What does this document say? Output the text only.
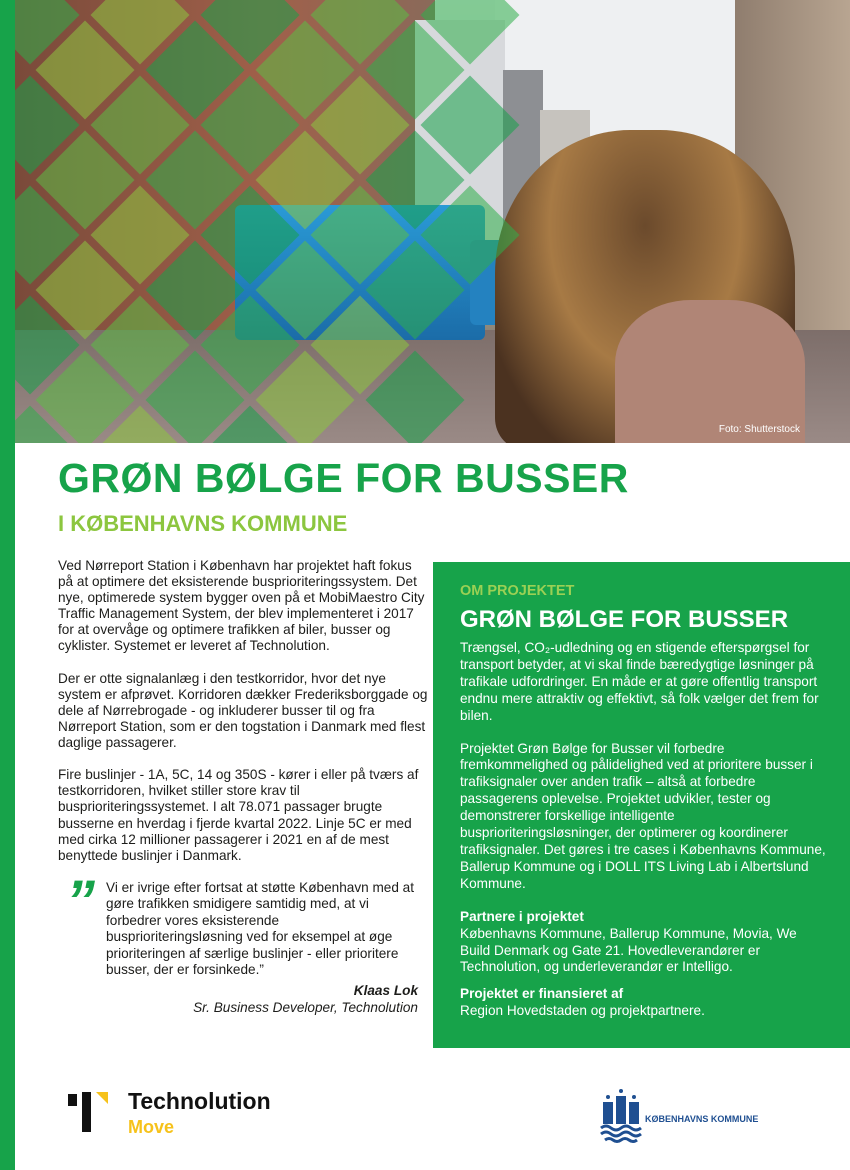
Foto: Shutterstock
GRØN BØLGE FOR BUSSER
I KØBENHAVNS KOMMUNE

Ved Nørreport Station i København har projektet haft fokus på at optimere det eksisterende busprioriteringssystem. Det nye, optimerede system bygger oven på et MobiMaestro City Traffic Management System, der blev implementeret i 2017 for at overvåge og optimere trafikken af biler, busser og cyklister. Systemet er leveret af Technolution.

Der er otte signalanlæg i den testkorridor, hvor det nye system er afprøvet. Korridoren dækker Frederiksborggade og dele af Nørrebrogade - og inkluderer busser til og fra Nørreport Station, som er den togstation i Danmark med flest daglige passagerer.

Fire buslinjer - 1A, 5C, 14 og 350S - kører i eller på tværs af testkorridoren, hvilket stiller store krav til busprioriteringssystemet. I alt 78.071 passager brugte busserne en hverdag i fjerde kvartal 2022. Linje 5C er med med cirka 12 millioner passagerer i 2021 en af de mest benyttede buslinjer i Danmark.

” Vi er ivrige efter fortsat at støtte København med at gøre trafikken smidigere samtidig med, at vi forbedrer vores eksisterende busprioriteringsløsning ved for eksempel at øge prioriteringen af særlige buslinjer - eller prioritere busser, der er forsinkede.”
Klaas Lok
Sr. Business Developer, Technolution
OM PROJEKTET
GRØN BØLGE FOR BUSSER

Trængsel, CO₂-udledning og en stigende efterspørgsel for transport betyder, at vi skal finde bæredygtige løsninger på trafikale udfordringer. En måde er at gøre offentlig transport endnu mere attraktiv og effektivt, så folk vælger det frem for bilen.

Projektet Grøn Bølge for Busser vil forbedre fremkommelighed og pålidelighed ved at prioritere busser i trafiksignaler over anden trafik – altså at forbedre passagerens oplevelse. Projektet udvikler, tester og demonstrerer forskellige intelligente busprioriteringsløsninger, der optimerer og koordinerer trafiksignaler. Det gøres i tre cases i Københavns Kommune, Ballerup Kommune og i DOLL ITS Living Lab i Albertslund Kommune.

Partnere i projektet

Københavns Kommune, Ballerup Kommune, Movia, We Build Denmark og Gate 21. Hovedleverandører er Technolution, og underleverandør er Intelligo.

Projektet er finansieret af

Region Hovedstaden og projektpartnere.

Technolution
Move	KØBENHAVNS KOMMUNE
